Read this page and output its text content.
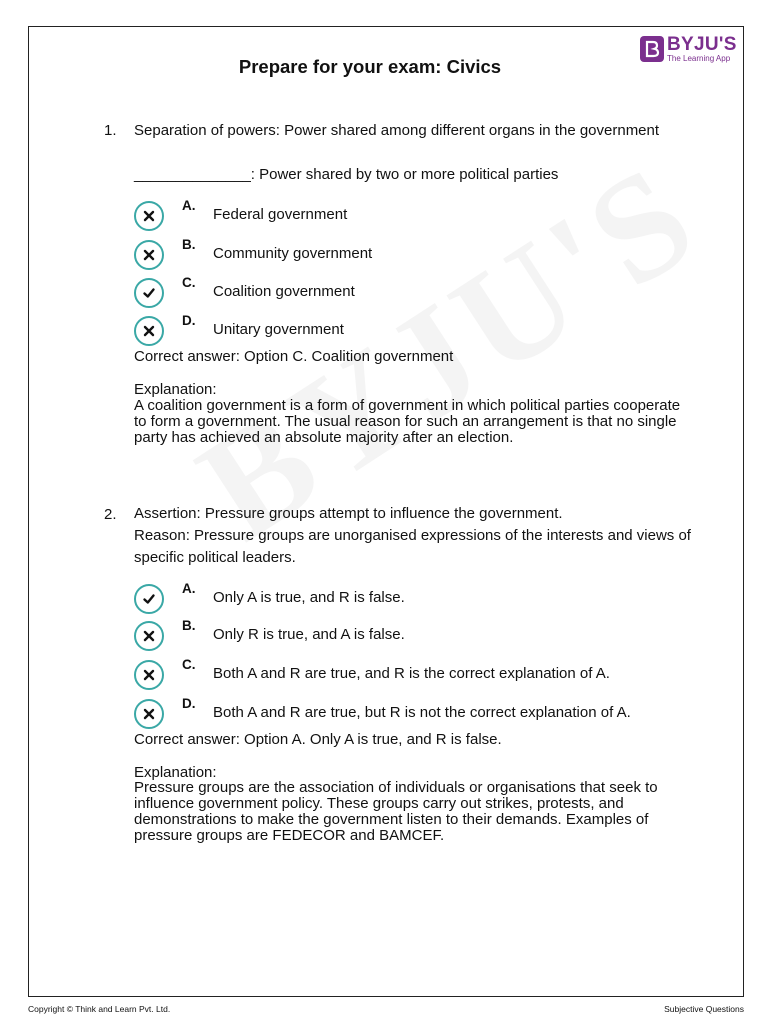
BYJU'S
The Learning App
Prepare for your exam: Civics
1. Separation of powers: Power shared among different organs in the government
______________: Power shared by two or more political parties
A.
Federal government
B.
Community government
C.
Coalition government
D.
Unitary government
Correct answer: Option C. Coalition government
Explanation:
A coalition government is a form of government in which political parties cooperate to form a government. The usual reason for such an arrangement is that no single party has achieved an absolute majority after an election.
2. Assertion: Pressure groups attempt to influence the government.
Reason: Pressure groups are unorganised expressions of the interests and views of specific political leaders.
A.
Only A is true, and R is false.
B.
Only R is true, and A is false.
C.
Both A and R are true, and R is the correct explanation of A.
D.
Both A and R are true, but R is not the correct explanation of A.
Correct answer: Option A. Only A is true, and R is false.
Explanation:
Pressure groups are the association of individuals or organisations that seek to influence government policy. These groups carry out strikes, protests, and demonstrations to make the government listen to their demands. Examples of pressure groups are FEDECOR and BAMCEF.
Copyright © Think and Learn Pvt. Ltd.	Subjective Questions
